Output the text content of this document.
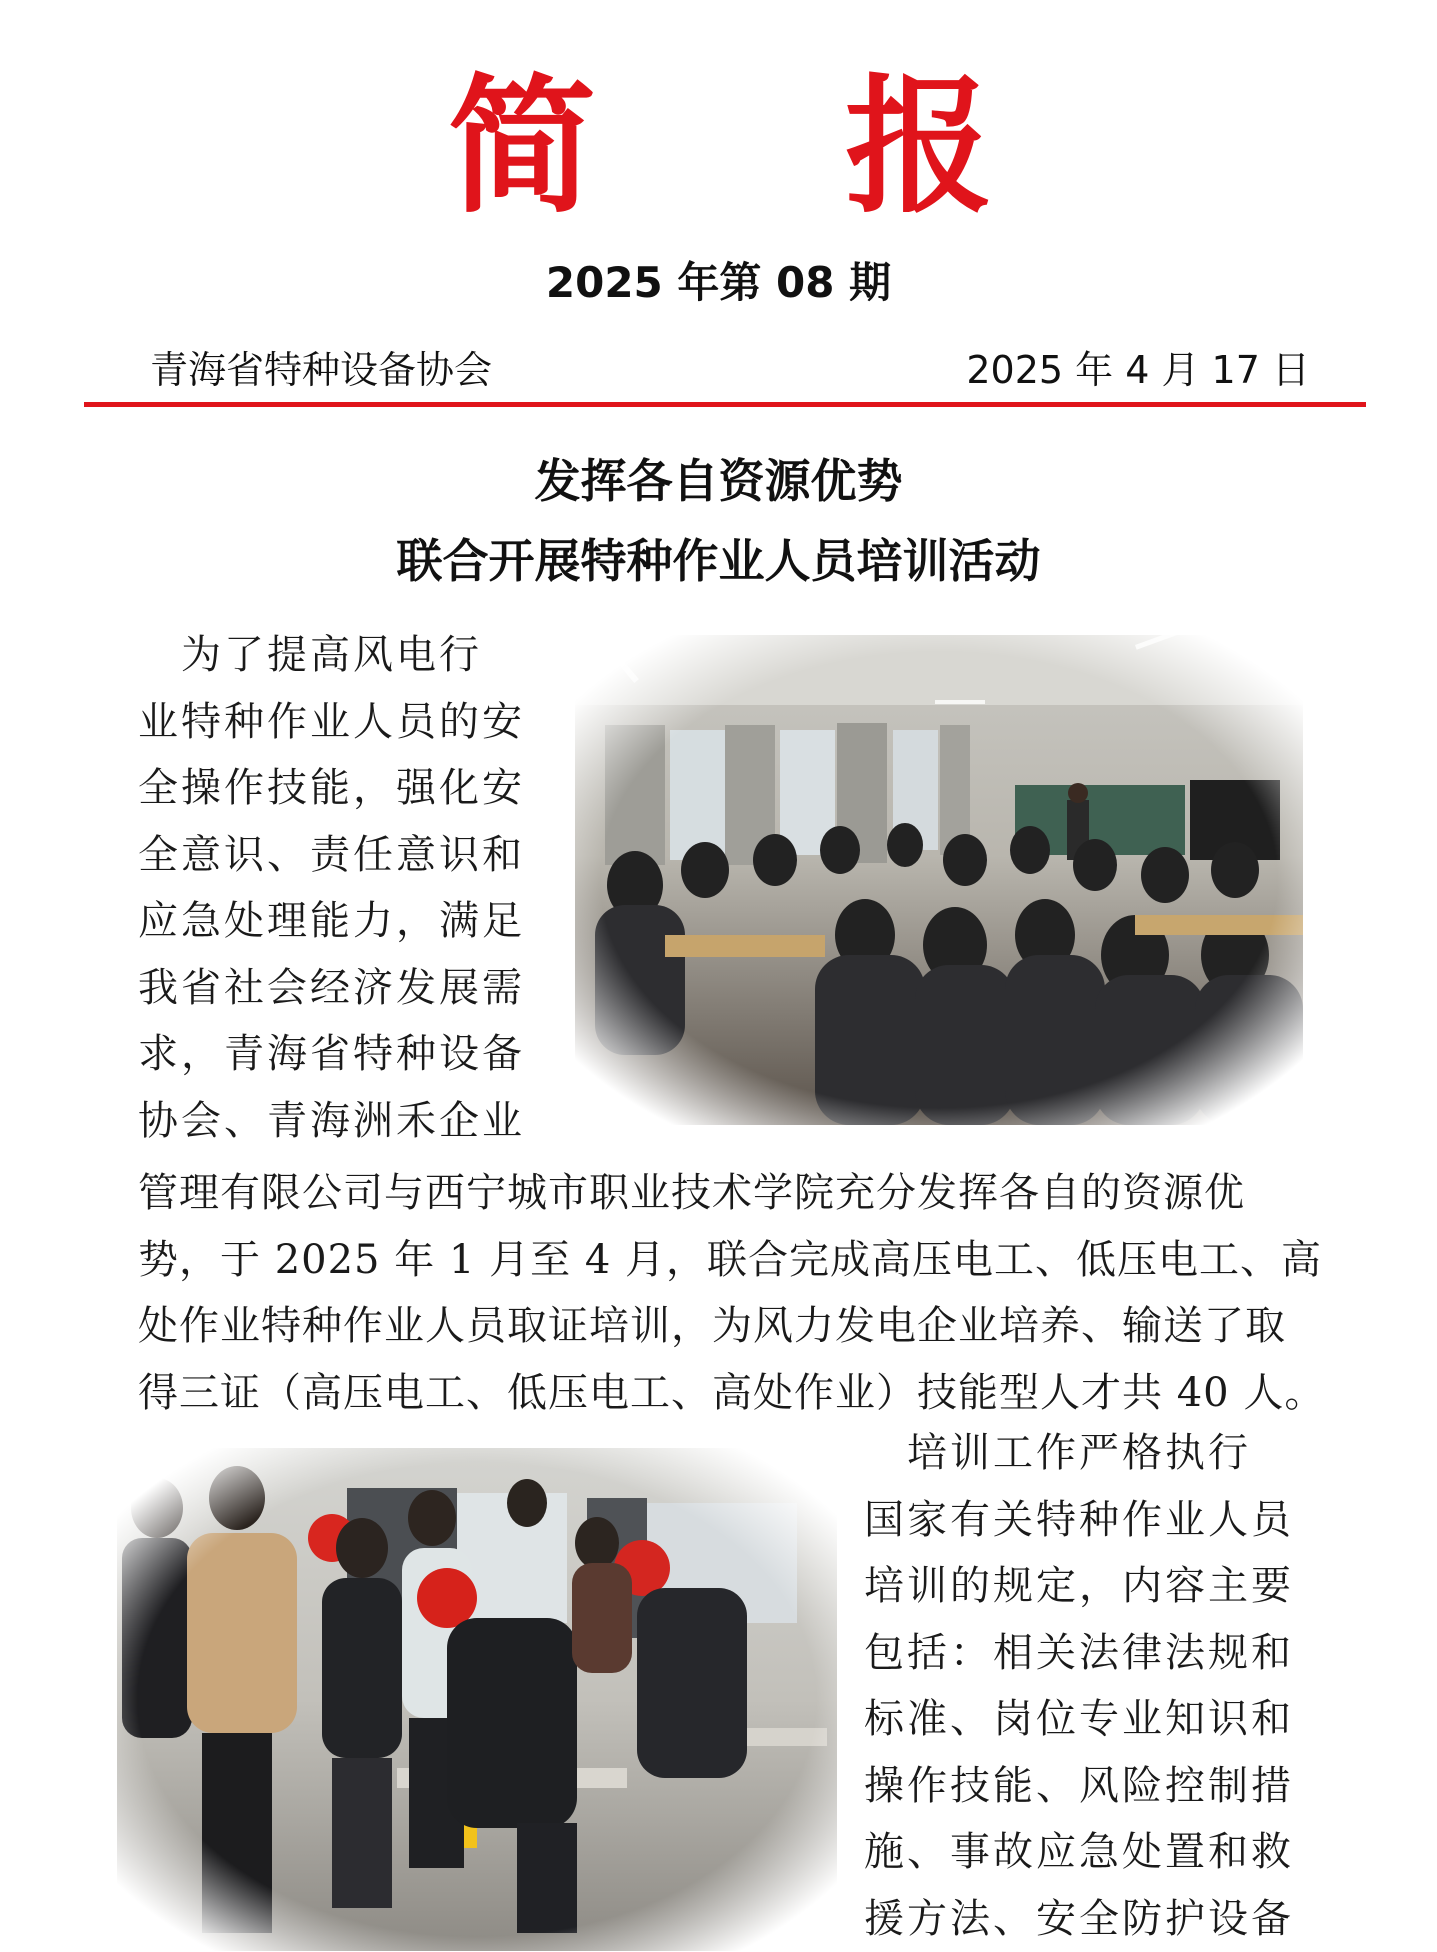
简 报
2025 年第 08 期
青海省特种设备协会	2025 年 4 月 17 日
发挥各自资源优势
联合开展特种作业人员培训活动
　为了提高风电行
业特种作业人员的安
全操作技能，强化安
全意识、责任意识和
应急处理能力，满足
我省社会经济发展需
求，青海省特种设备
协会、青海洲禾企业
管理有限公司与西宁城市职业技术学院充分发挥各自的资源优
势，于 2025 年 1 月至 4 月，联合完成高压电工、低压电工、高
处作业特种作业人员取证培训，为风力发电企业培养、输送了取
得三证（高压电工、低压电工、高处作业）技能型人才共 40 人。
　培训工作严格执行
国家有关特种作业人员
培训的规定，内容主要
包括：相关法律法规和
标准、岗位专业知识和
操作技能、风险控制措
施、事故应急处置和救
援方法、安全防护设备
